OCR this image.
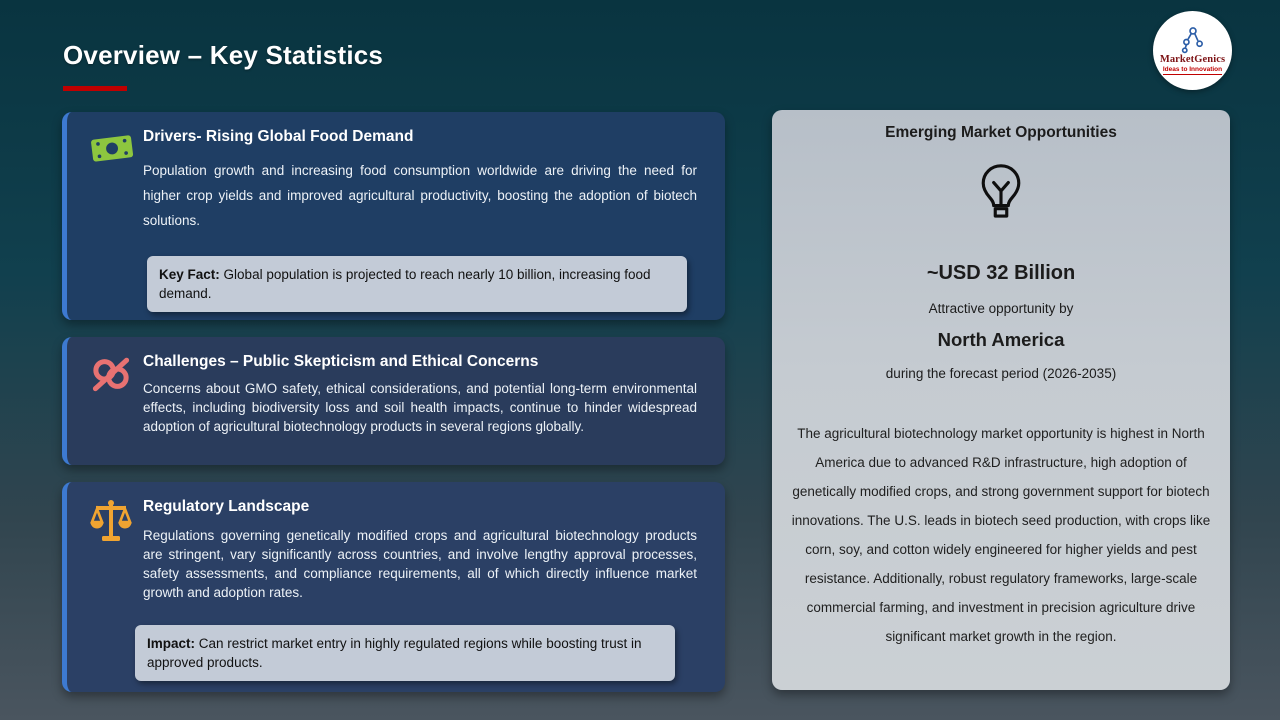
Overview – Key Statistics	MarketGenics
Ideas to Innovation
Drivers- Rising Global Food Demand

Population growth and increasing food consumption worldwide are driving the need for higher crop yields and improved agricultural productivity, boosting the adoption of biotech solutions.

Key Fact: Global population is projected to reach nearly 10 billion, increasing food demand.
Challenges – Public Skepticism and Ethical Concerns

Concerns about GMO safety, ethical considerations, and potential long-term environmental effects, including biodiversity loss and soil health impacts, continue to hinder widespread adoption of agricultural biotechnology products in several regions globally.

Regulatory Landscape

Regulations governing genetically modified crops and agricultural biotechnology products are stringent, vary significantly across countries, and involve lengthy approval processes, safety assessments, and compliance requirements, all of which directly influence market growth and adoption rates.

Impact: Can restrict market entry in highly regulated regions while boosting trust in approved products.
Emerging Market Opportunities
~USD 32 Billion
Attractive opportunity by
North America
during the forecast period (2026-2035)

The agricultural biotechnology market opportunity is highest in North America due to advanced R&D infrastructure, high adoption of genetically modified crops, and strong government support for biotech innovations. The U.S. leads in biotech seed production, with crops like corn, soy, and cotton widely engineered for higher yields and pest resistance. Additionally, robust regulatory frameworks, large-scale commercial farming, and investment in precision agriculture drive significant market growth in the region.
